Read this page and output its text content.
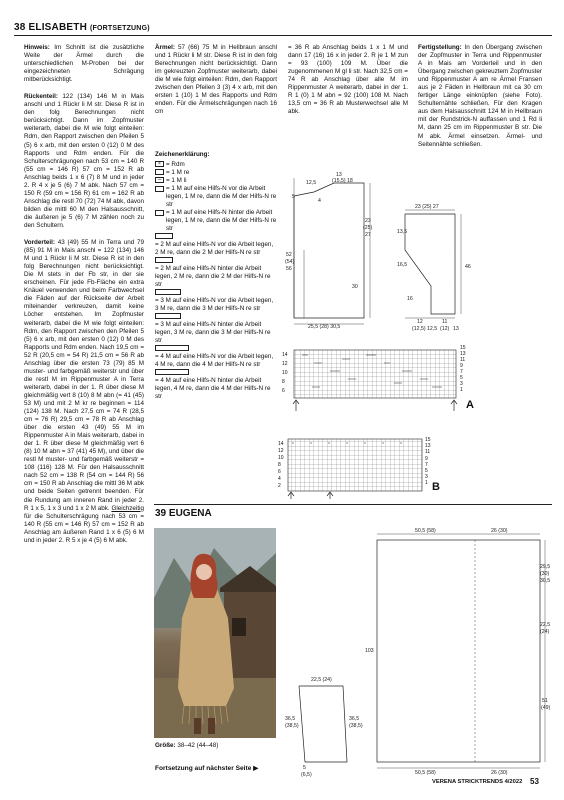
38 ELISABETH (FORTSETZUNG)

Hinweis: Im Schnitt ist die zusätzliche Weite der Ärmel durch die unterschiedlichen M-Proben bei der eingezeichneten Schrägung mitberücksichtigt.

Rückenteil: 122 (134) 146 M in Mais anschl und 1 Rückr li M str. Diese R ist in den folg Berechnungen nicht berücksichtigt. Dann im Zopfmuster weiterarb, dabei die M wie folgt einteilen: Rdm, den Rapport zwischen den Pfeilen 5 (5) 6 x arb, mit den ersten 0 (12) 0 M des Rapports und Rdm enden. Für die Schulterschrägungen nach 53 cm = 140 R (55 cm = 146 R) 57 cm = 152 R ab Anschlag beids 1 x 6 (7) 8 M und in jeder 2. R 4 x je 5 (6) 7 M abk. Nach 57 cm = 150 R (59 cm = 156 R) 61 cm = 162 R ab Anschlag die restl 70 (72) 74 M abk, davon bilden die mittl 60 M den Halsausschnitt, die äußeren je 5 (6) 7 M zählen noch zu den Schultern.

Vorderteil: 43 (49) 55 M in Terra und 79 (85) 91 M in Mais anschl = 122 (134) 146 M und 1 Rückr li M str. Diese R ist in den folg Berechnungen nicht berücksichtigt. Die M stets in der Fb str, in der sie erscheinen. Für jede Fb-Fläche ein extra Knäuel verwenden und beim Farbwechsel die Fäden auf der Rückseite der Arbeit miteinander verkreuzen, damit keine Löcher entstehen. Im Zopfmuster weiterarb, dabei die M wie folgt einteilen: Rdm, den Rapport zwischen den Pfeilen 5 (5) 6 x arb, mit den ersten 0 (12) 0 M des Rapports und Rdm enden. Nach 19,5 cm = 52 R (20,5 cm = 54 R) 21,5 cm = 56 R ab Anschlag über die ersten 73 (79) 85 M muster- und farbgemäß weiterstr und über die restl M im Rippenmuster A in Terra weiterarb, dabei in der 1. R über diese M gleichmäßig vert 8 (10) 8 M abn (= 41 (45) 53 M) und mit 2 M kr re beginnen = 114 (124) 138 M. Nach 27,5 cm = 74 R (28,5 cm = 76 R) 29,5 cm = 78 R ab Anschlag über die ersten 43 (49) 55 M im Rippenmuster A in Mais weiterarb, dabei in der 1. R über diese M gleichmäßig vert 6 (8) 10 M abn = 37 (41) 45 M), und über die restl M muster- und farbgemäß weiterstr = 108 (116) 128 M. Für den Halsausschnitt nach 52 cm = 138 R (54 cm = 144 R) 56 cm = 150 R ab Anschlag die mittl 36 M abk und beide Seiten getrennt beenden. Für die Rundung am inneren Rand in jeder 2. R 1 x 5, 1 x 3 und 1 x 2 M abk. Gleichzeitig für die Schulterschrägung nach 53 cm = 140 R (55 cm = 146 R) 57 cm = 152 R ab Anschlag am äußeren Rand 1 x 6 (5) 6 M und in jeder 2. R 5 x je 4 (5) 6 M abk.

Ärmel: 57 (66) 75 M in Hellbraun anschl und 1 Rückr li M str. Diese R ist in den folg Berechnungen nicht berücksichtigt. Dann im gekreuzten Zopfmuster weiterarb, dabei die M wie folgt einteilen: Rdm, den Rapport zwischen den Pfeilen 3 (3) 4 x arb, mit den ersten 1 (10) 1 M des Rapports und Rdm enden. Für die Ärmelschrägungen nach 16 cm

Zeichenerklärung:
× = Rdm
= 1 M re
– = 1 M li
= 1 M auf eine Hilfs-N vor die Arbeit legen, 1 M re, dann die M der Hilfs-N re str
= 1 M auf eine Hilfs-N hinter die Arbeit legen, 1 M re, dann die M der Hilfs-N re str
= 2 M auf eine Hilfs-N vor die Arbeit legen, 2 M re, dann die 2 M der Hilfs-N re str
= 2 M auf eine Hilfs-N hinter die Arbeit legen, 2 M re, dann die 2 M der Hilfs-N re str
= 3 M auf eine Hilfs-N vor die Arbeit legen, 3 M re, dann die 3 M der Hilfs-N re str
= 3 M auf eine Hilfs-N hinter die Arbeit legen, 3 M re, dann die 3 M der Hilfs-N re str
= 4 M auf eine Hilfs-N vor die Arbeit legen, 4 M re, dann die 4 M der Hilfs-N re str
= 4 M auf eine Hilfs-N hinter die Arbeit legen, 4 M re, dann die 4 M der Hilfs-N re str

= 36 R ab Anschlag beids 1 x 1 M und dann 17 (16) 16 x in jeder 2. R je 1 M zun = 93 (100) 109 M. Über die zugenommenen M gl li str. Nach 32,5 cm = 74 R ab Anschlag über alle M im Rippenmuster A weiterarb, dabei in der 1. R 1 (0) 1 M abn = 92 (100) 108 M. Nach 13,5 cm = 36 R ab Musterwechsel alle M abk.

Fertigstellung: In den Übergang zwischen der Zopfmuster in Terra und Rippenmuster A in Mais am Vorderteil und in den Übergang zwischen gekreuztem Zopfmuster und Rippenmuster A am re Ärmel Fransen aus je 2 Fäden in Hellbraun mit ca 30 cm fertiger Länge einknüpfen (siehe Foto). Schulternähte schließen. Für den Kragen aus dem Halsausschnitt 124 M in Hellbraun mit der Rundstrick-N auffassen und 1 Rd li M, dann 25 cm im Rippenmuster B str. Die M abk. Ärmel einsetzen. Ärmel- und Seitennähte schließen.

12,5
13
(15,5) 18
5
4
23
(25)
27
52
(54)
56
30
25,5 (28) 30,5
23 (25) 27
13,5
16,5	46
16
12	11
(12,5) 12,5 (12) 13
15
13
11
9
7
5
3
1
14
12
10
8
6
A
15
13
11
9
7
5
3
1
14
12
10
8
6
4
2	B
39 EUGENA
Größe: 38–42 (44–48)
Fortsetzung auf nächster Seite ▶
50,5 (58)	26 (30)
29,5
(30)
30,5
22,5
(24)
103
51
(49)
22,5 (24)
36,5
(38,5)
36,5
(38,5)
5
(6,5)	50,5 (58)	26 (30)
VERENA STRICKTRENDS 4/2022 53
